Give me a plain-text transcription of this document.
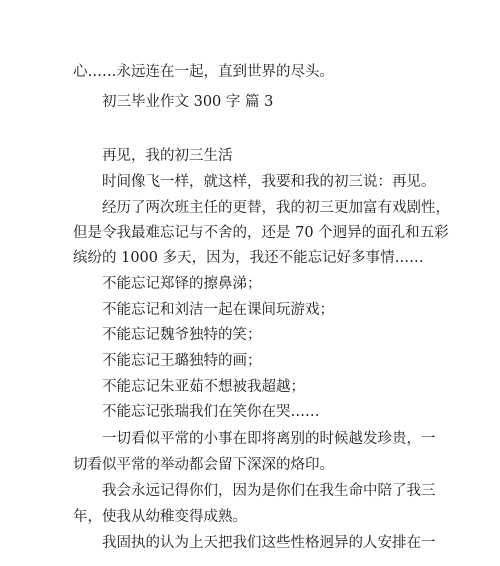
心……永远连在一起，直到世界的尽头。
初三毕业作文 300 字 篇 3
再见，我的初三生活
时间像飞一样，就这样，我要和我的初三说：再见。
经历了两次班主任的更替，我的初三更加富有戏剧性，
但是令我最难忘记与不舍的，还是 70 个迥异的面孔和五彩
缤纷的 1000 多天，因为，我还不能忘记好多事情……
不能忘记郑铎的擦鼻涕；
不能忘记和刘洁一起在课间玩游戏；
不能忘记魏爷独特的笑；
不能忘记王璐独特的画；
不能忘记朱亚茹不想被我超越；
不能忘记张瑞我们在笑你在哭……
一切看似平常的小事在即将离别的时候越发珍贵，一
切看似平常的举动都会留下深深的烙印。
我会永远记得你们，因为是你们在我生命中陪了我三
年，使我从幼稚变得成熟。
我固执的认为上天把我们这些性格迥异的人安排在一
